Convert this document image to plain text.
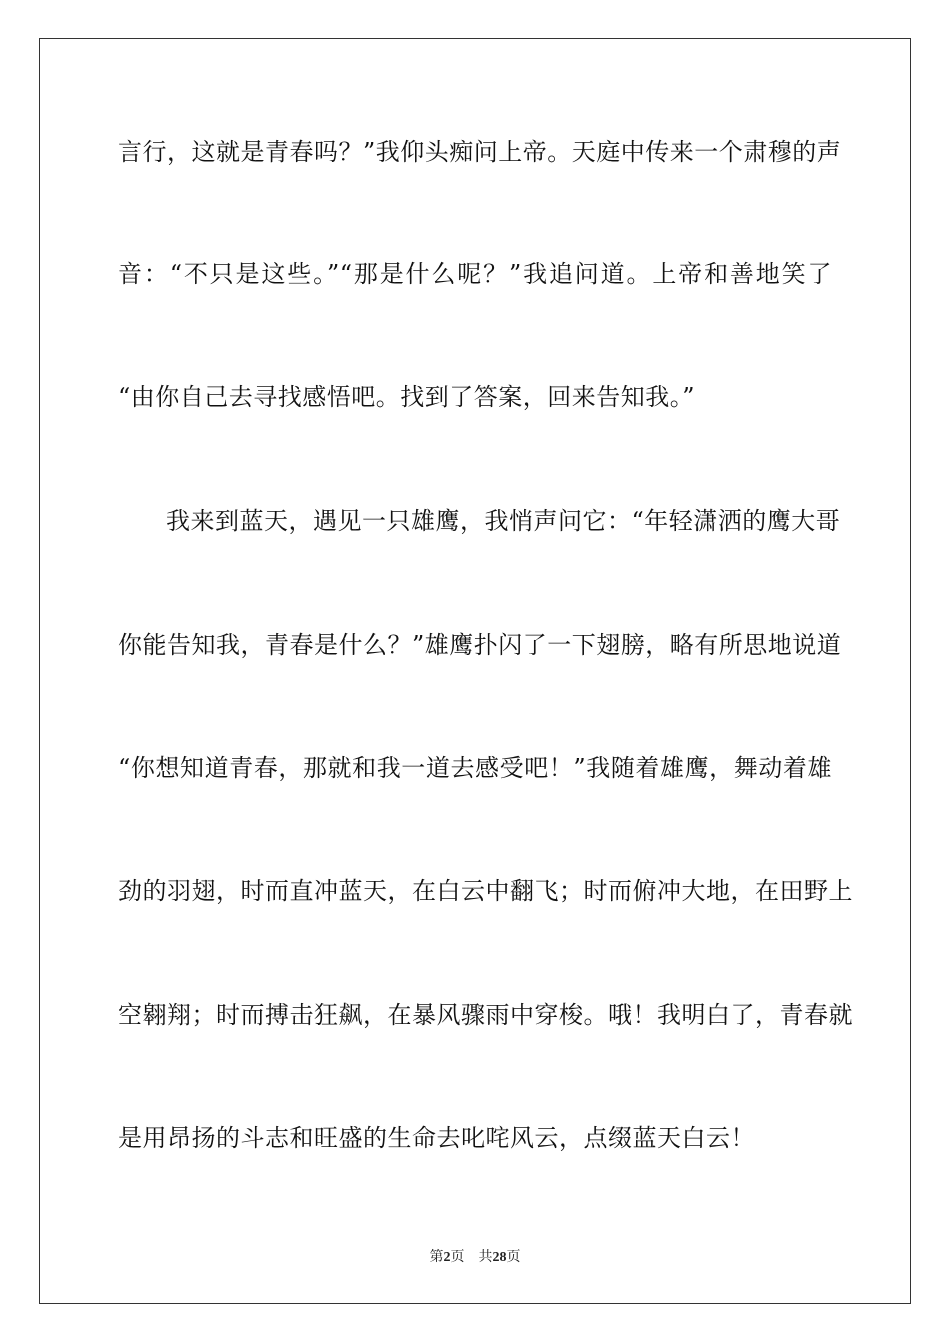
言行，这就是青春吗？”我仰头痴问上帝。天庭中传来一个肃穆的声
音：“不只是这些。”“那是什么呢？”我追问道。上帝和善地笑了
“由你自己去寻找感悟吧。找到了答案，回来告知我。”
我来到蓝天，遇见一只雄鹰，我悄声问它：“年轻潇洒的鹰大哥
你能告知我，青春是什么？”雄鹰扑闪了一下翅膀，略有所思地说道
“你想知道青春，那就和我一道去感受吧！”我随着雄鹰，舞动着雄
劲的羽翅，时而直冲蓝天，在白云中翻飞；时而俯冲大地，在田野上
空翱翔；时而搏击狂飙，在暴风骤雨中穿梭。哦！我明白了，青春就
是用昂扬的斗志和旺盛的生命去叱咤风云，点缀蓝天白云！
第2页 共28页
